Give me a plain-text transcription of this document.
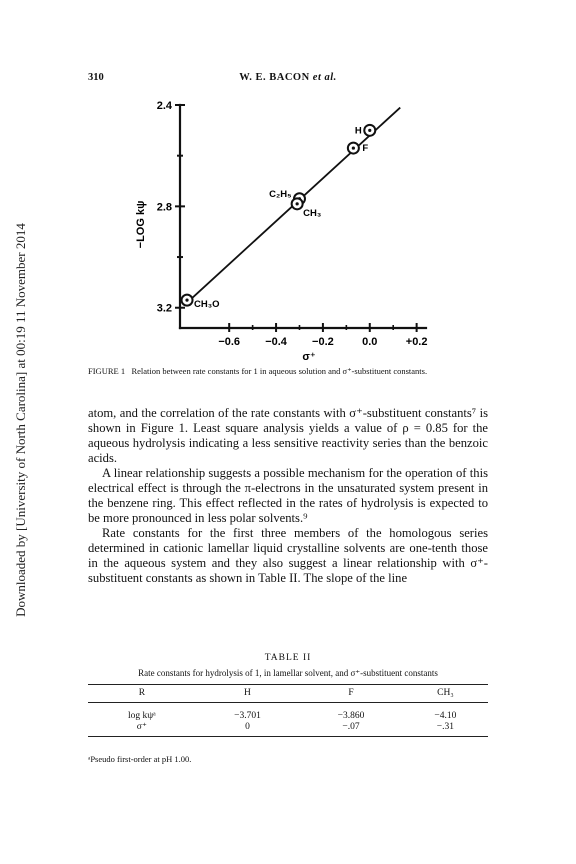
Downloaded by [University of North Carolina] at 00:19 11 November 2014
310	W. E. BACON et al.
2.4
2.8
3.2
−0.6 −0.4 −0.2	0.0	+0.2
σ⁺
−LOG kψ
CH₃O
C₂H₅
CH₃
F
H
FIGURE 1 Relation between rate constants for 1 in aqueous solution and σ⁺-substituent constants.

atom, and the correlation of the rate constants with σ⁺-substituent constants⁷ is shown in Figure 1. Least square analysis yields a value of ρ = 0.85 for the aqueous hydrolysis indicating a less sensitive reactivity series than the benzoic acids.

A linear relationship suggests a possible mechanism for the operation of this electrical effect is through the π-electrons in the unsaturated system present in the benzene ring. This effect reflected in the rates of hydrolysis is expected to be more pronounced in less polar solvents.⁹

Rate constants for the first three members of the homologous series determined in cationic lamellar liquid crystalline solvents are one-tenth those in the aqueous system and they also suggest a linear relationship with σ⁺-substituent constants as shown in Table II. The slope of the line

TABLE II
Rate constants for hydrolysis of 1, in lamellar solvent, and σ⁺-substituent constants
R	H	F	CH₃
log kψᵃ	−3.701	−3.860	−4.10
σ⁺	0	−.07	−.31
ᵃPseudo first-order at pH 1.00.
